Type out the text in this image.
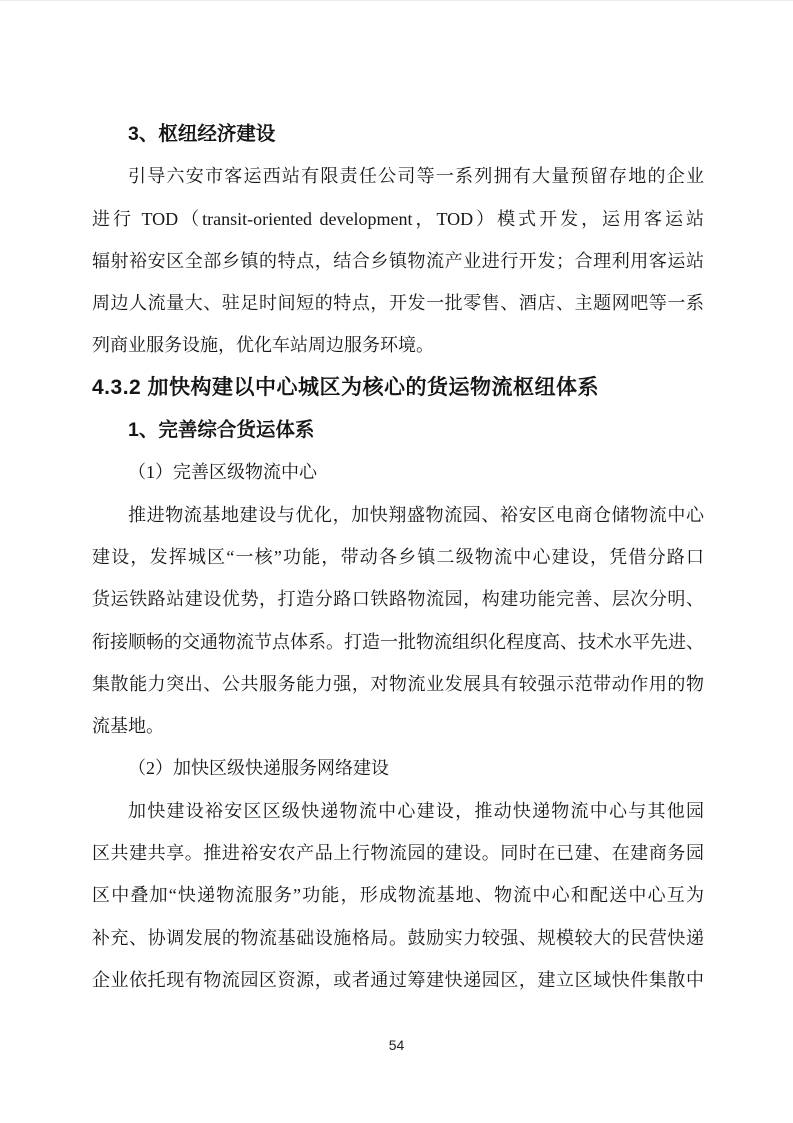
3、枢纽经济建设
引导六安市客运西站有限责任公司等一系列拥有大量预留存地的企业
进行 TOD（transit-oriented development，TOD）模式开发，运用客运站
辐射裕安区全部乡镇的特点，结合乡镇物流产业进行开发；合理利用客运站
周边人流量大、驻足时间短的特点，开发一批零售、酒店、主题网吧等一系
列商业服务设施，优化车站周边服务环境。
4.3.2 加快构建以中心城区为核心的货运物流枢纽体系
1、完善综合货运体系
（1）完善区级物流中心
推进物流基地建设与优化，加快翔盛物流园、裕安区电商仓储物流中心
建设，发挥城区“一核”功能，带动各乡镇二级物流中心建设，凭借分路口
货运铁路站建设优势，打造分路口铁路物流园，构建功能完善、层次分明、
衔接顺畅的交通物流节点体系。打造一批物流组织化程度高、技术水平先进、
集散能力突出、公共服务能力强，对物流业发展具有较强示范带动作用的物
流基地。
（2）加快区级快递服务网络建设
加快建设裕安区区级快递物流中心建设，推动快递物流中心与其他园
区共建共享。推进裕安农产品上行物流园的建设。同时在已建、在建商务园
区中叠加“快递物流服务”功能，形成物流基地、物流中心和配送中心互为
补充、协调发展的物流基础设施格局。鼓励实力较强、规模较大的民营快递
企业依托现有物流园区资源，或者通过筹建快递园区，建立区域快件集散中
54
